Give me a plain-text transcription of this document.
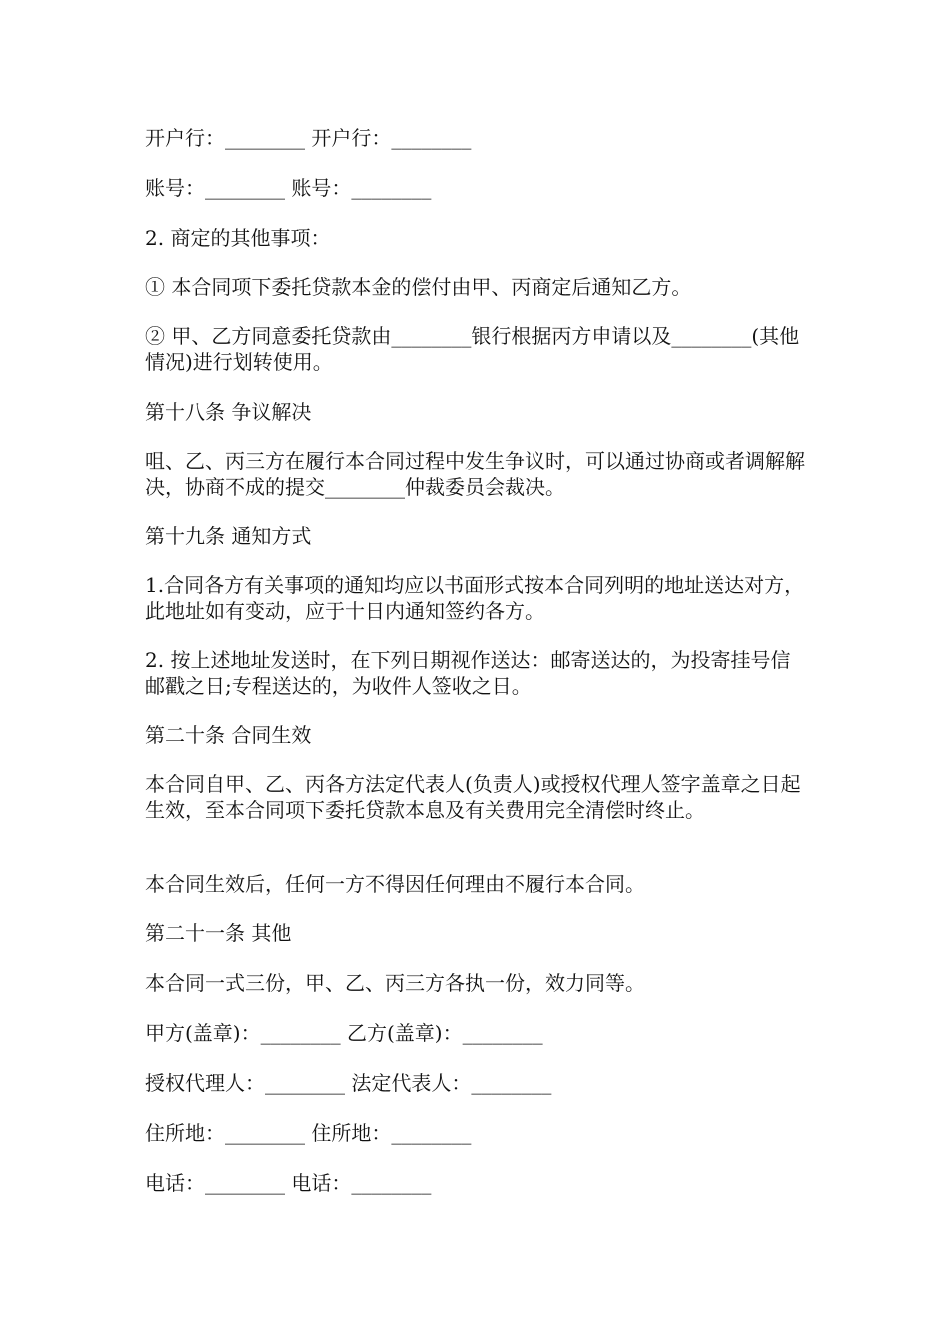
开户行：________ 开户行：________

账号：________ 账号：________

2. 商定的其他事项：

① 本合同项下委托贷款本金的偿付由甲、丙商定后通知乙方。

② 甲、乙方同意委托贷款由________银行根据丙方申请以及________(其他情况)进行划转使用。

第十八条 争议解决

咀、乙、丙三方在履行本合同过程中发生争议时，可以通过协商或者调解解决，协商不成的提交________仲裁委员会裁决。

第十九条 通知方式

1.合同各方有关事项的通知均应以书面形式按本合同列明的地址送达对方，此地址如有变动，应于十日内通知签约各方。

2. 按上述地址发送时，在下列日期视作送达：邮寄送达的，为投寄挂号信邮戳之日;专程送达的，为收件人签收之日。

第二十条 合同生效

本合同自甲、乙、丙各方法定代表人(负责人)或授权代理人签字盖章之日起生效，至本合同项下委托贷款本息及有关费用完全清偿时终止。

本合同生效后，任何一方不得因任何理由不履行本合同。

第二十一条 其他

本合同一式三份，甲、乙、丙三方各执一份，效力同等。

甲方(盖章)：________ 乙方(盖章)：________

授权代理人：________ 法定代表人：________

住所地：________ 住所地：________

电话：________ 电话：________
